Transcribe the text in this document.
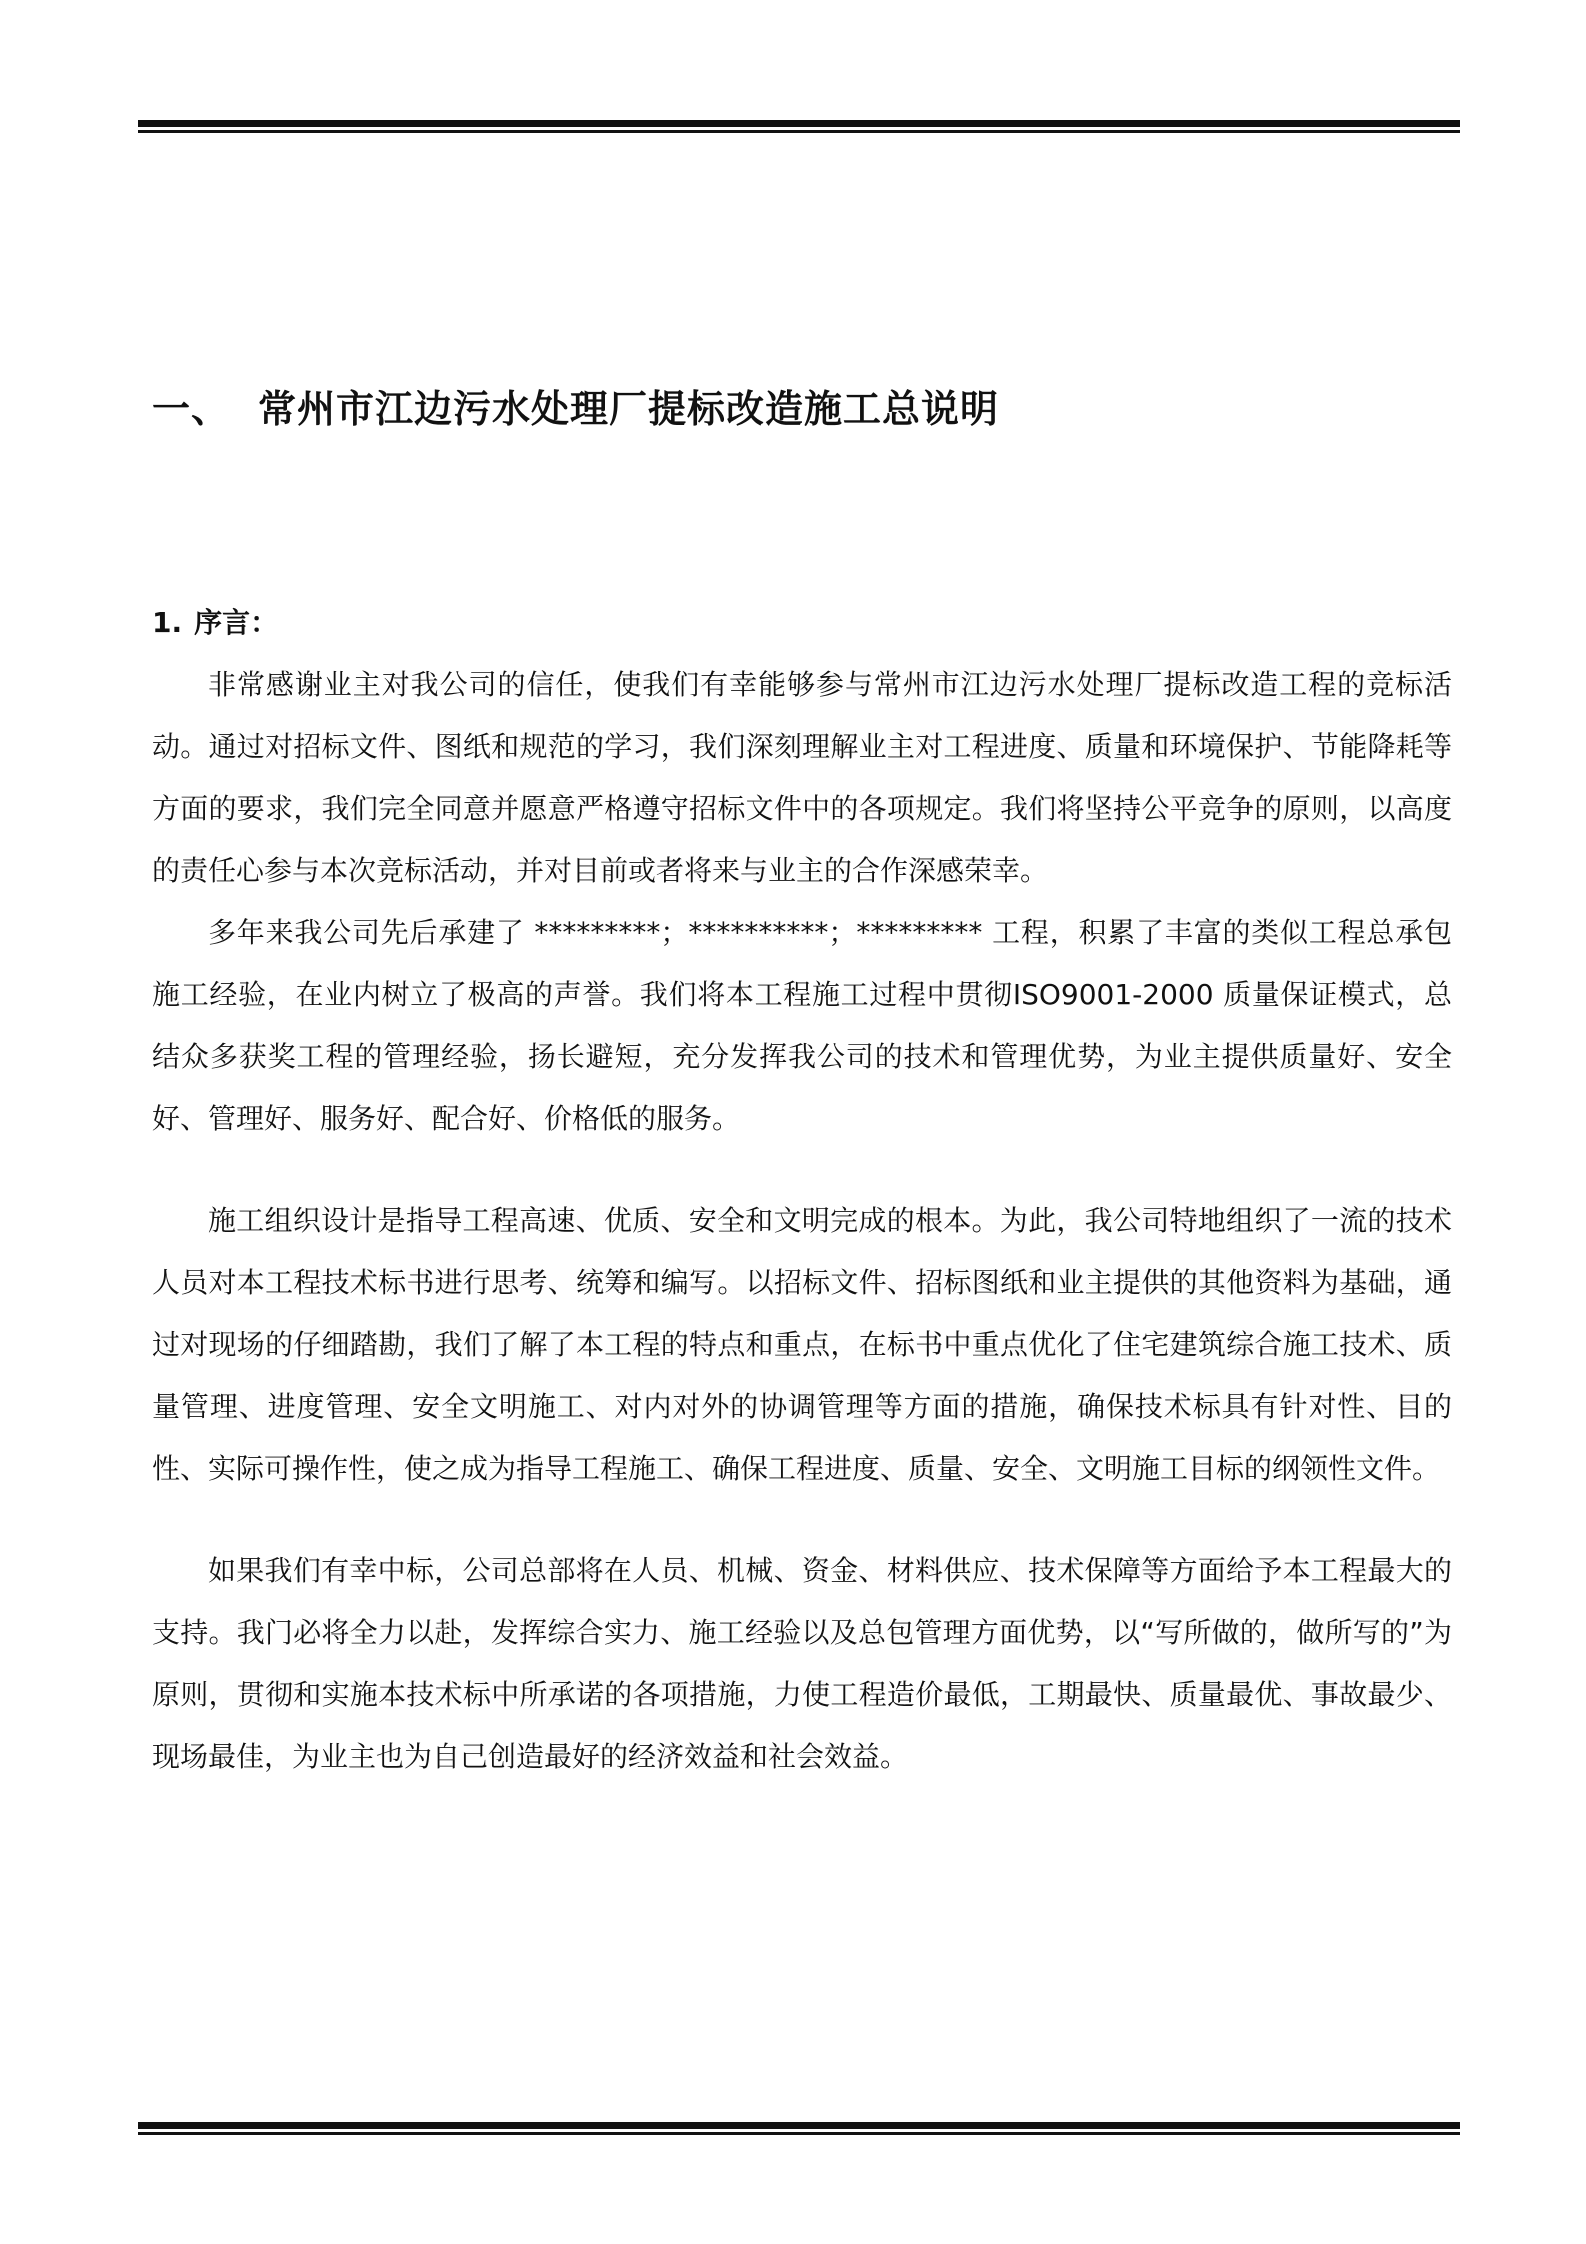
一、 常州市江边污水处理厂提标改造施工总说明

1. 序言：

非常感谢业主对我公司的信任，使我们有幸能够参与常州市江边污水处理厂提标改造工程的竞标活动。通过对招标文件、图纸和规范的学习，我们深刻理解业主对工程进度、质量和环境保护、节能降耗等方面的要求，我们完全同意并愿意严格遵守招标文件中的各项规定。我们将坚持公平竞争的原则，以高度的责任心参与本次竞标活动，并对目前或者将来与业主的合作深感荣幸。

多年来我公司先后承建了 *********；**********；********* 工程，积累了丰富的类似工程总承包施工经验，在业内树立了极高的声誉。我们将本工程施工过程中贯彻ISO9001-2000 质量保证模式，总结众多获奖工程的管理经验，扬长避短，充分发挥我公司的技术和管理优势，为业主提供质量好、安全好、管理好、服务好、配合好、价格低的服务。

施工组织设计是指导工程高速、优质、安全和文明完成的根本。为此，我公司特地组织了一流的技术人员对本工程技术标书进行思考、统筹和编写。以招标文件、招标图纸和业主提供的其他资料为基础，通过对现场的仔细踏勘，我们了解了本工程的特点和重点，在标书中重点优化了住宅建筑综合施工技术、质量管理、进度管理、安全文明施工、对内对外的协调管理等方面的措施，确保技术标具有针对性、目的性、实际可操作性，使之成为指导工程施工、确保工程进度、质量、安全、文明施工目标的纲领性文件。

如果我们有幸中标，公司总部将在人员、机械、资金、材料供应、技术保障等方面给予本工程最大的支持。我门必将全力以赴，发挥综合实力、施工经验以及总包管理方面优势，以“写所做的，做所写的”为原则，贯彻和实施本技术标中所承诺的各项措施，力使工程造价最低，工期最快、质量最优、事故最少、现场最佳，为业主也为自己创造最好的经济效益和社会效益。
